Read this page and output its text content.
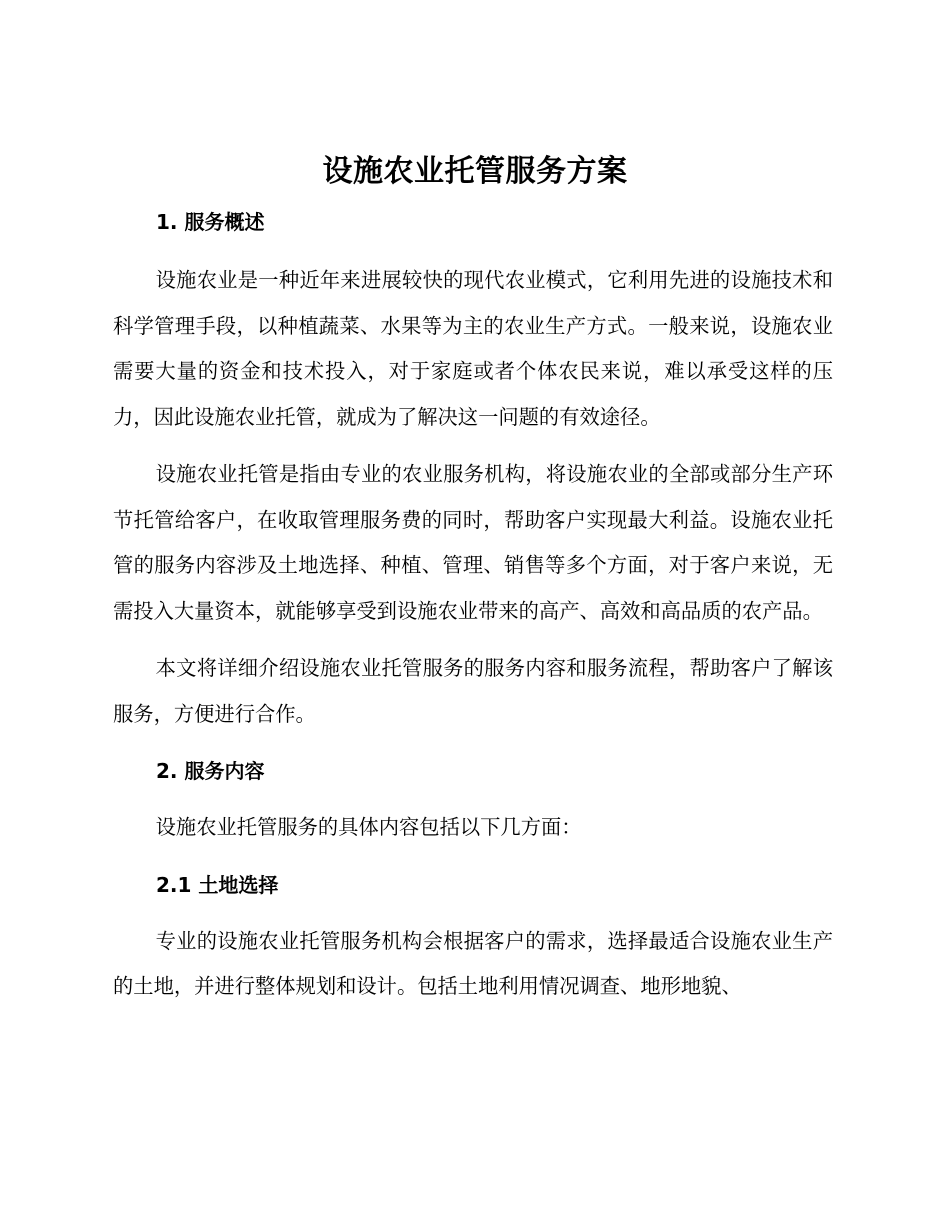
设施农业托管服务方案
1. 服务概述

设施农业是一种近年来进展较快的现代农业模式，它利用先进的设施技术和科学管理手段，以种植蔬菜、水果等为主的农业生产方式。一般来说，设施农业需要大量的资金和技术投入，对于家庭或者个体农民来说，难以承受这样的压力，因此设施农业托管，就成为了解决这一问题的有效途径。

设施农业托管是指由专业的农业服务机构，将设施农业的全部或部分生产环节托管给客户，在收取管理服务费的同时，帮助客户实现最大利益。设施农业托管的服务内容涉及土地选择、种植、管理、销售等多个方面，对于客户来说，无需投入大量资本，就能够享受到设施农业带来的高产、高效和高品质的农产品。

本文将详细介绍设施农业托管服务的服务内容和服务流程，帮助客户了解该服务，方便进行合作。

2. 服务内容

设施农业托管服务的具体内容包括以下几方面：

2.1 土地选择

专业的设施农业托管服务机构会根据客户的需求，选择最适合设施农业生产的土地，并进行整体规划和设计。包括土地利用情况调查、地形地貌、
